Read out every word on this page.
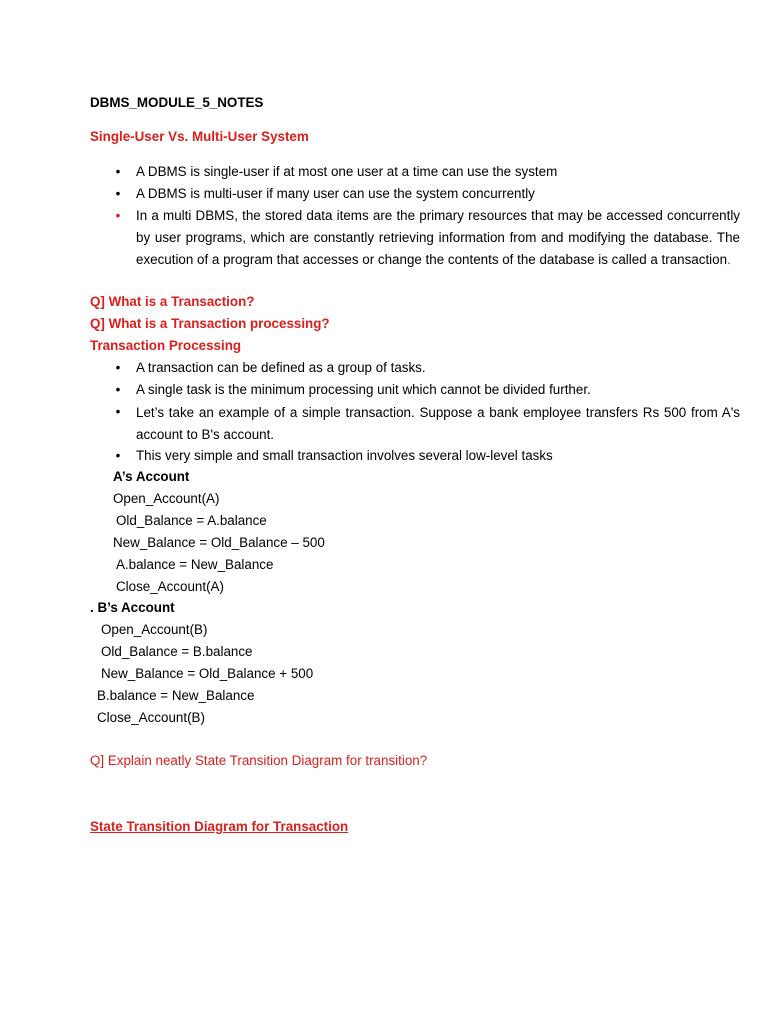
DBMS_MODULE_5_NOTES
Single-User Vs. Multi-User System
• A DBMS is single-user if at most one user at a time can use the system
• A DBMS is multi-user if many user can use the system concurrently
• In a multi DBMS, the stored data items are the primary resources that may be accessed concurrently by user programs, which are constantly retrieving information from and modifying the database. The execution of a program that accesses or change the contents of the database is called a transaction.
Q] What is a Transaction?
Q] What is a Transaction processing?
Transaction Processing
• A transaction can be defined as a group of tasks.
• A single task is the minimum processing unit which cannot be divided further.
• Let’s take an example of a simple transaction. Suppose a bank employee transfers Rs 500 from A's account to B's account.
• This very simple and small transaction involves several low-level tasks
A’s Account
Open_Account(A)
Old_Balance = A.balance
New_Balance = Old_Balance – 500
A.balance = New_Balance
Close_Account(A)
. B’s Account
Open_Account(B)
Old_Balance = B.balance
New_Balance = Old_Balance + 500
B.balance = New_Balance
Close_Account(B)
Q] Explain neatly State Transition Diagram for transition?
State Transition Diagram for Transaction
